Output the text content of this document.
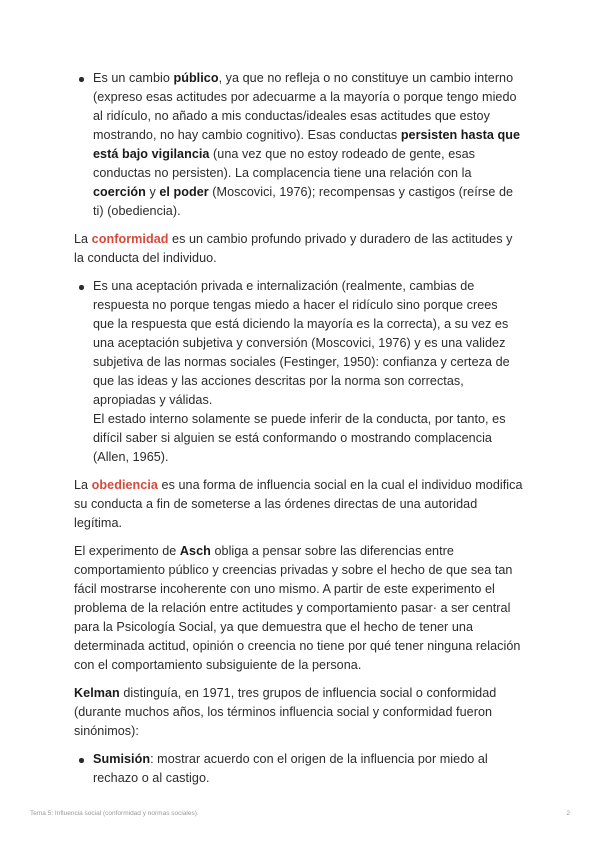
Es un cambio público, ya que no refleja o no constituye un cambio interno
(expreso esas actitudes por adecuarme a la mayoría o porque tengo miedo
al ridículo, no añado a mis conductas/ideales esas actitudes que estoy
mostrando, no hay cambio cognitivo). Esas conductas persisten hasta que
está bajo vigilancia (una vez que no estoy rodeado de gente, esas
conductas no persisten). La complacencia tiene una relación con la
coerción y el poder (Moscovici, 1976); recompensas y castigos (reírse de
ti) (obediencia).

La conformidad es un cambio profundo privado y duradero de las actitudes y
la conducta del individuo.

Es una aceptación privada e internalización (realmente, cambias de
respuesta no porque tengas miedo a hacer el ridículo sino porque crees
que la respuesta que está diciendo la mayoría es la correcta), a su vez es
una aceptación subjetiva y conversión (Moscovici, 1976) y es una validez
subjetiva de las normas sociales (Festinger, 1950): confianza y certeza de
que las ideas y las acciones descritas por la norma son correctas,
apropiadas y válidas.
El estado interno solamente se puede inferir de la conducta, por tanto, es
difícil saber si alguien se está conformando o mostrando complacencia
(Allen, 1965).

La obediencia es una forma de influencia social en la cual el individuo modifica
su conducta a fin de someterse a las órdenes directas de una autoridad
legítima.

El experimento de Asch obliga a pensar sobre las diferencias entre
comportamiento público y creencias privadas y sobre el hecho de que sea tan
fácil mostrarse incoherente con uno mismo. A partir de este experimento el
problema de la relación entre actitudes y comportamiento pasar· a ser central
para la Psicología Social, ya que demuestra que el hecho de tener una
determinada actitud, opinión o creencia no tiene por qué tener ninguna relación
con el comportamiento subsiguiente de la persona.

Kelman distinguía, en 1971, tres grupos de influencia social o conformidad
(durante muchos años, los términos influencia social y conformidad fueron
sinónimos):

Sumisión: mostrar acuerdo con el origen de la influencia por miedo al
rechazo o al castigo.
Tema 5: Influencia social (conformidad y normas sociales).	2
